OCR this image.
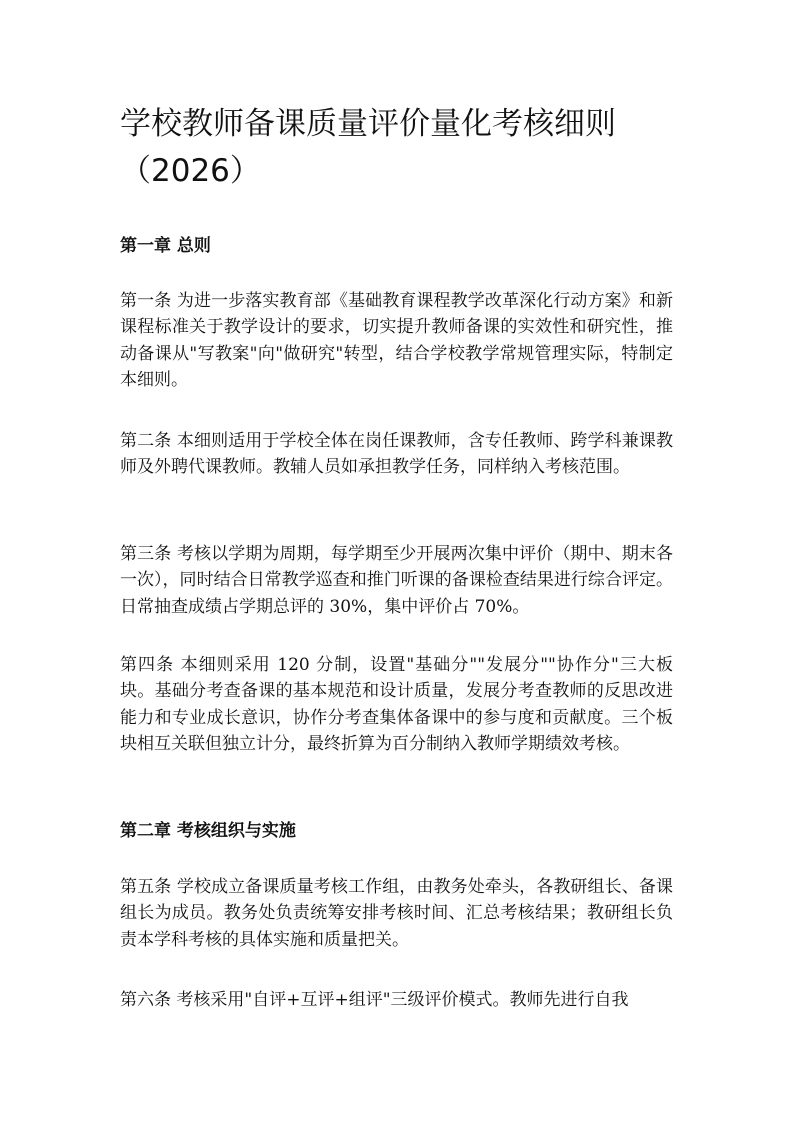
学校教师备课质量评价量化考核细则（2026）
第一章 总则

第一条 为进一步落实教育部《基础教育课程教学改革深化行动方案》和新课程标准关于教学设计的要求，切实提升教师备课的实效性和研究性，推动备课从"写教案"向"做研究"转型，结合学校教学常规管理实际，特制定本细则。

第二条 本细则适用于学校全体在岗任课教师，含专任教师、跨学科兼课教师及外聘代课教师。教辅人员如承担教学任务，同样纳入考核范围。

第三条 考核以学期为周期，每学期至少开展两次集中评价（期中、期末各一次），同时结合日常教学巡查和推门听课的备课检查结果进行综合评定。日常抽查成绩占学期总评的 30%，集中评价占 70%。

第四条 本细则采用 120 分制，设置"基础分""发展分""协作分"三大板块。基础分考查备课的基本规范和设计质量，发展分考查教师的反思改进能力和专业成长意识，协作分考查集体备课中的参与度和贡献度。三个板块相互关联但独立计分，最终折算为百分制纳入教师学期绩效考核。

第二章 考核组织与实施

第五条 学校成立备课质量考核工作组，由教务处牵头，各教研组长、备课组长为成员。教务处负责统筹安排考核时间、汇总考核结果；教研组长负责本学科考核的具体实施和质量把关。

第六条 考核采用"自评+互评+组评"三级评价模式。教师先进行自我
